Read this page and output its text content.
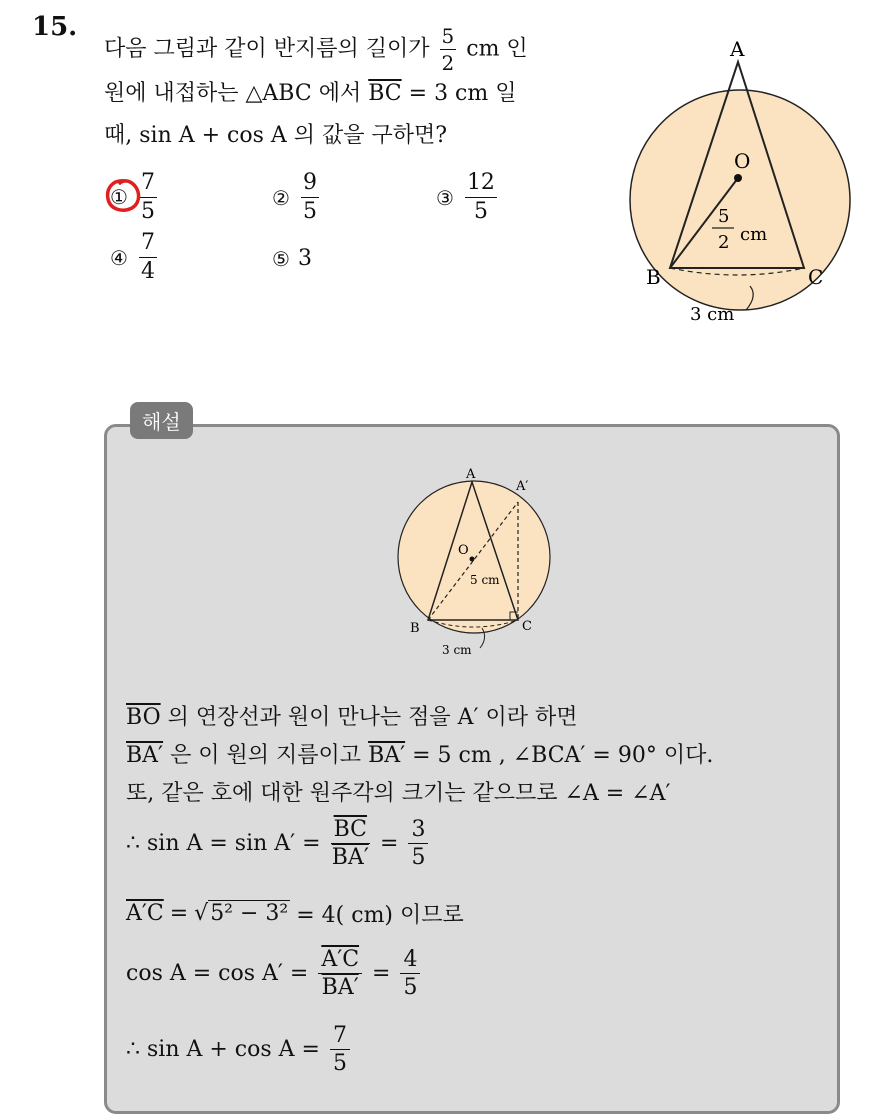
15.
다음 그림과 같이 반지름의 길이가 $\frac{5}{2}$ cm 인
원에 내접하는 △ABC 에서 $\overline{BC} = 3$ cm 일
때, sin A + cos A 의 값을 구하면?
① $\frac{7}{5}$	② $\frac{9}{5}$	③ $\frac{12}{5}$
④ $\frac{7}{4}$	⑤ 3
A
O
B	C
5
2 cm
3 cm
해설
A
A′
O
5 cm
B	C
3 cm
$\overline{BO}$ 의 연장선과 원이 만나는 점을 A′ 이라 하면
BA′ 은 이 원의 지름이고 BA′ = 5 cm , ∠BCA′ = 90° 이다.
또, 같은 호에 대한 원주각의 크기는 같으므로 ∠A = ∠A′
∴ $\sin A = \sin A' = \frac{\overline{BC}}{BA'} = \frac{3}{5}$
A′C = √5² − 3² = 4( cm) 이므로
$\cos A = \cos A' = \frac{A'C}{BA'} = \frac{4}{5}$
∴ $\sin A + \cos A = \frac{7}{5}$
